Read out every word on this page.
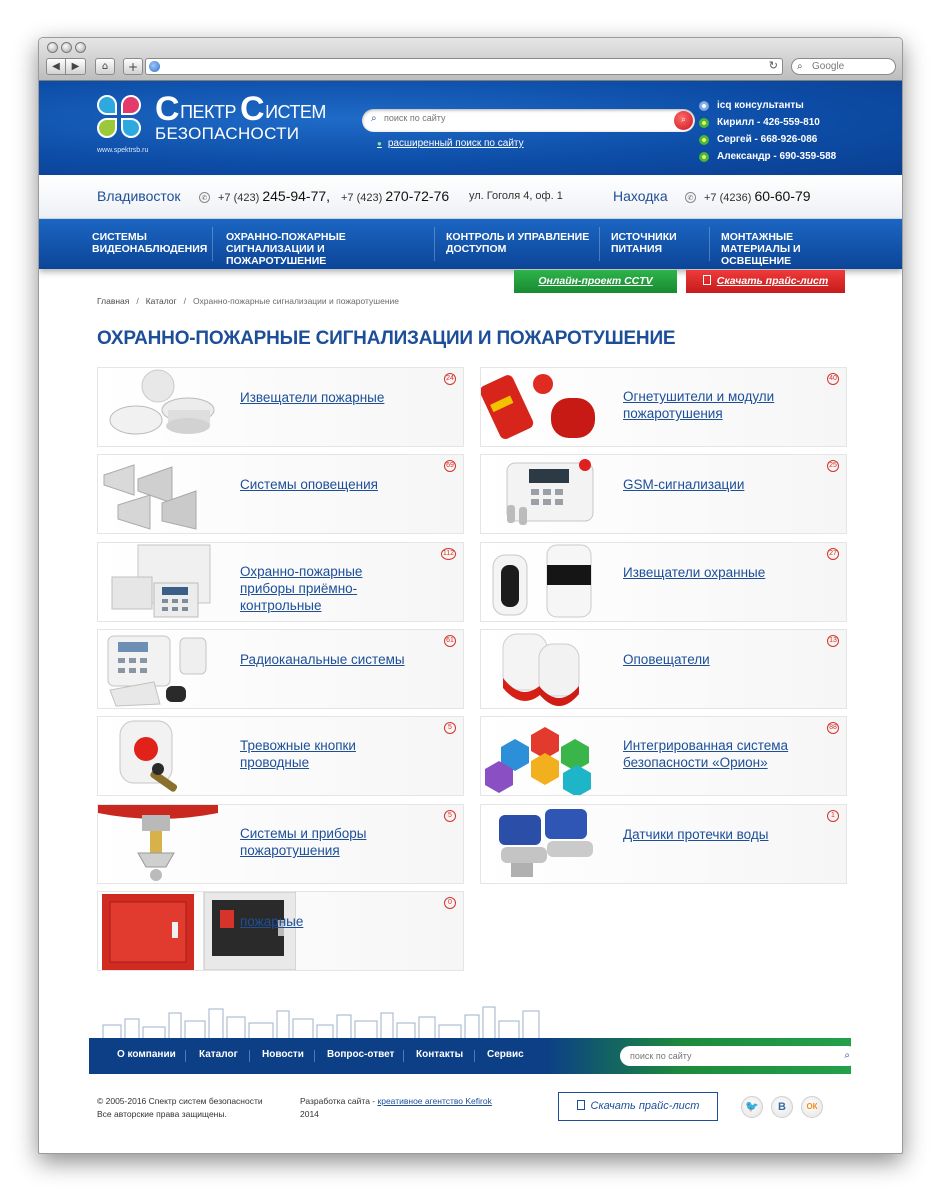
◀ ▶ ⌂ +	↻ ⌕ Google
www.spektrsb.ru
С ПЕКТР С ИСТЕМ
БЕЗОПАСНОСТИ
⌕
поиск по сайту	⌕
● расширенный поиск по сайту
icq консультанты
Кирилл - 426-559-810
Сергей - 668-926-086
Александр - 690-359-588
Владивосток	✆ +7 (423) 245-94-77, +7 (423) 270-72-76 ул. Гоголя 4, оф. 1	Находка	✆ +7 (4236) 60-60-79
СИСТЕМЫ ВИДЕОНАБЛЮДЕНИЯ
ОХРАННО-ПОЖАРНЫЕ СИГНАЛИЗАЦИИ И ПОЖАРОТУШЕНИЕ
КОНТРОЛЬ И УПРАВЛЕНИЕ ДОСТУПОМ
ИСТОЧНИКИ ПИТАНИЯ
МОНТАЖНЫЕ МАТЕРИАЛЫ И ОСВЕЩЕНИЕ
Онлайн-проект CCTV	Скачать прайс-лист
Главная / Каталог / Охранно-пожарные сигнализации и пожаротушение
ОХРАННО-ПОЖАРНЫЕ СИГНАЛИЗАЦИИ И ПОЖАРОТУШЕНИЕ
Извещатели пожарные
24
Огнетушители и модули пожаротушения
40
Системы оповещения
69
GSM-сигнализации
25
Охранно-пожарные приборы приёмно-контрольные
112
Извещатели охранные
27
Радиоканальные системы
61
Оповещатели
13
Тревожные кнопки проводные
5
Интегрированная система безопасности «Орион»
88
Системы и приборы пожаротушения
5
Датчики протечки воды
1
пожарные
0
О компании Каталог Новости Вопрос-ответ Контакты Сервис	поиск по сайту	⌕
© 2005-2016 Спектр систем безопасности
Все авторские права защищены.
Разработка сайта - креативное агентство Kefirok
2014
Скачать прайс-лист	🐦	В	ОК
